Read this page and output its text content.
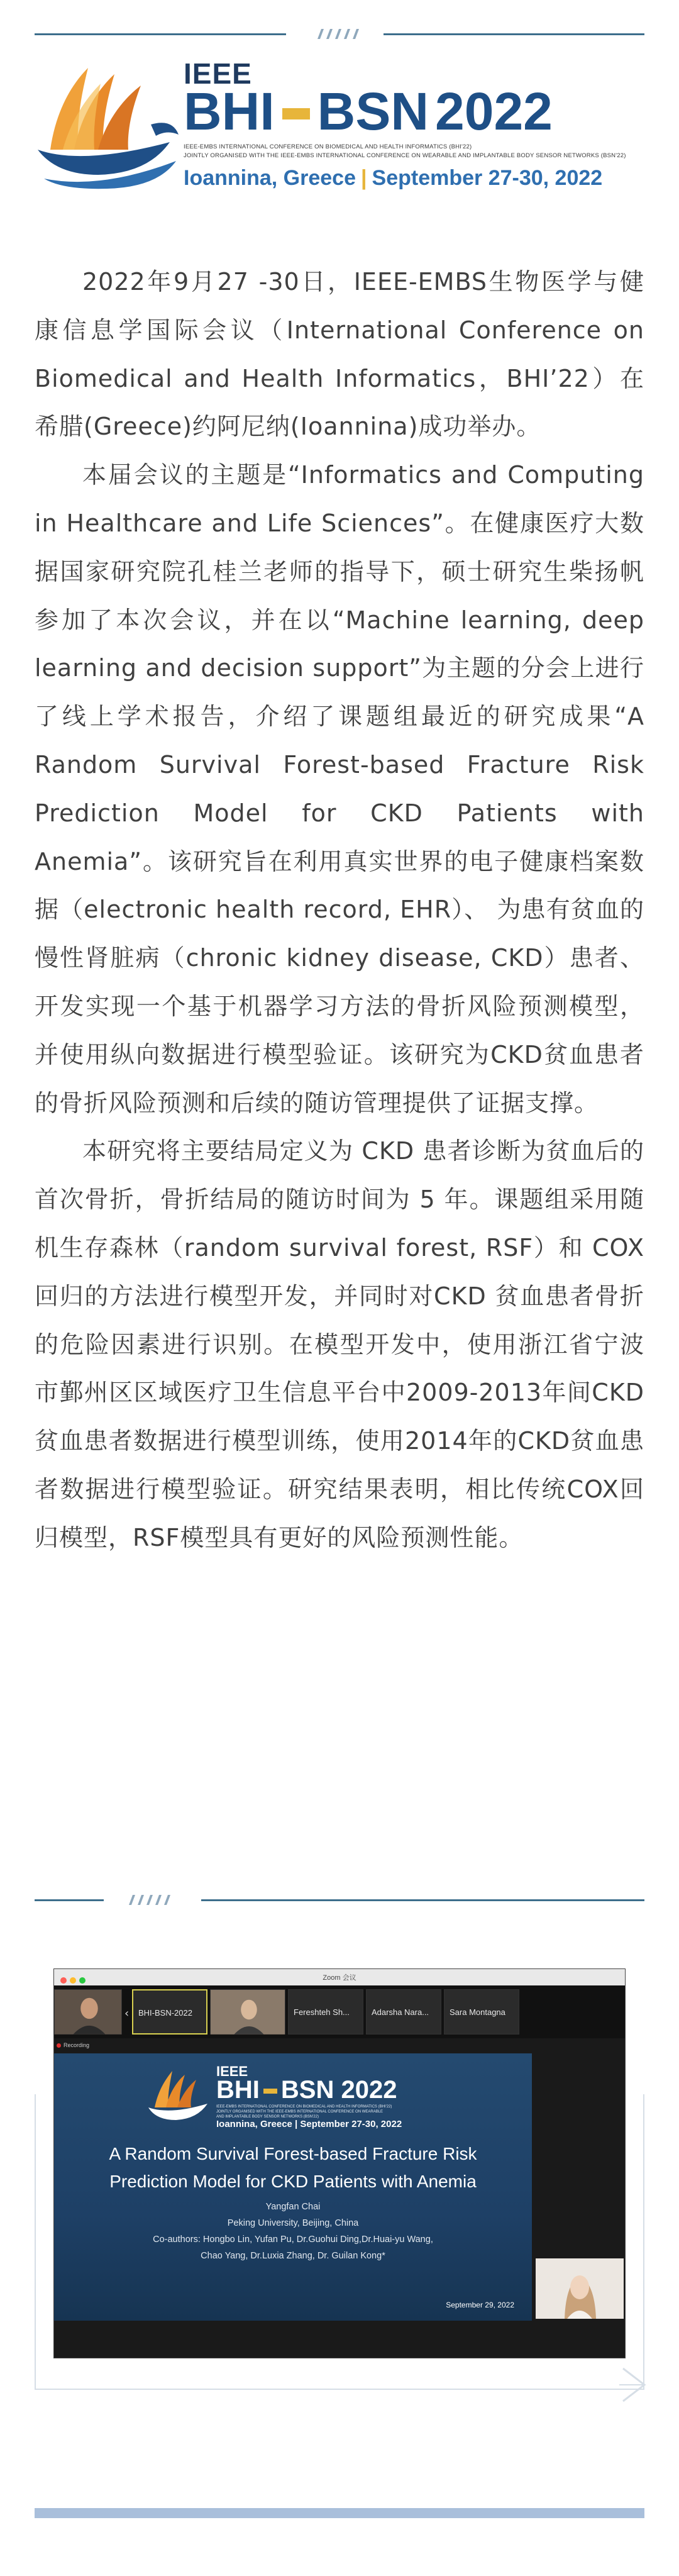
IEEE
BHI BSN 2022
IEEE-EMBS INTERNATIONAL CONFERENCE ON BIOMEDICAL AND HEALTH INFORMATICS (BHI'22)
JOINTLY ORGANISED WITH THE IEEE-EMBS INTERNATIONAL CONFERENCE ON WEARABLE AND IMPLANTABLE BODY SENSOR NETWORKS (BSN'22)
Ioannina, Greece | September 27-30, 2022

2022年9月27 -30日，IEEE-EMBS生物医学与健康信息学国际会议（International Conference on Biomedical and Health Informatics，BHI’22）在希腊(Greece)约阿尼纳(Ioannina)成功举办。

本届会议的主题是“Informatics and Computing in Healthcare and Life Sciences”。在健康医疗大数据国家研究院孔桂兰老师的指导下，硕士研究生柴扬帆参加了本次会议，并在以“Machine learning, deep learning and decision support”为主题的分会上进行了线上学术报告，介绍了课题组最近的研究成果“A Random Survival Forest-based Fracture Risk Prediction Model for CKD Patients with Anemia”。该研究旨在利用真实世界的电子健康档案数据（electronic health record, EHR）、 为患有贫血的慢性肾脏病（chronic kidney disease, CKD）患者、开发实现一个基于机器学习方法的骨折风险预测模型，并使用纵向数据进行模型验证。该研究为CKD贫血患者的骨折风险预测和后续的随访管理提供了证据支撑。

本研究将主要结局定义为 CKD 患者诊断为贫血后的首次骨折，骨折结局的随访时间为 5 年。课题组采用随机生存森林（random survival forest, RSF）和 COX 回归的方法进行模型开发，并同时对CKD 贫血患者骨折的危险因素进行识别。在模型开发中，使用浙江省宁波市鄞州区区域医疗卫生信息平台中2009-2013年间CKD贫血患者数据进行模型训练，使用2014年的CKD贫血患者数据进行模型验证。研究结果表明，相比传统COX回归模型，RSF模型具有更好的风险预测性能。

Zoom 会议
‹ BHI-BSN-2022	Fereshteh Sh...	Adarsha Nara...	Sara Montagna
Recording
IEEE
BHI BSN 2022
IEEE-EMBS INTERNATIONAL CONFERENCE ON BIOMEDICAL AND HEALTH INFORMATICS (BHI'22)
JOINTLY ORGANISED WITH THE IEEE-EMBS INTERNATIONAL CONFERENCE ON WEARABLE
AND IMPLANTABLE BODY SENSOR NETWORKS (BSN'22)
Ioannina, Greece | September 27-30, 2022
A Random Survival Forest-based Fracture Risk
Prediction Model for CKD Patients with Anemia
Yangfan Chai
Peking University, Beijing, China
Co-authors: Hongbo Lin, Yufan Pu, Dr.Guohui Ding,Dr.Huai-yu Wang,
Chao Yang, Dr.Luxia Zhang, Dr. Guilan Kong*
September 29, 2022
